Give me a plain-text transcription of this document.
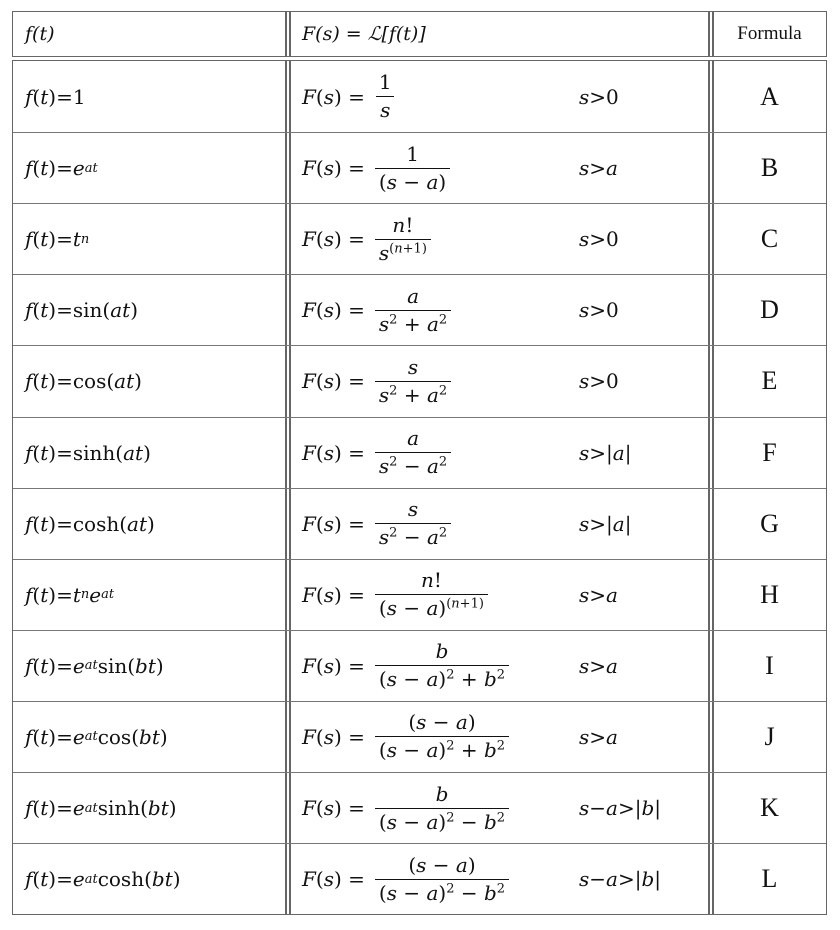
f(t)	F(s) = ℒ[f(t)]	Formula
f ( t ) = 1	$F(s) = \frac{1}{s}$	s > 0	A
f ( t ) = e at	$F(s) = \frac{1}{(s - a)}$	s > a	B
f ( t ) = t n	$F(s) = \frac{n!}{s^{(n+1)}}$	s > 0	C
f ( t ) = sin ( a t )	$F(s) = \frac{a}{s^2 + a^2}$	s > 0	D
f ( t ) = cos ( a t )	$F(s) = \frac{s}{s^2 + a^2}$	s > 0	E
f ( t ) = sinh ( a t )	$F(s) = \frac{a}{s^2 - a^2}$	s > | a |	F
f ( t ) = cosh ( a t )	$F(s) = \frac{s}{s^2 - a^2}$	s > | a |	G
f ( t ) = t n e at	$F(s) = \frac{n!}{(s - a)^{(n+1)}}$	s > a	H
f ( t ) = e at sin ( b t )	$F(s) = \frac{b}{(s - a)^2 + b^2}$	s > a	I
f ( t ) = e at cos ( b t )	$F(s) = \frac{(s - a)}{(s - a)^2 + b^2}$	s > a	J
f ( t ) = e at sinh ( b t )	$F(s) = \frac{b}{(s - a)^2 - b^2}$	s − a > | b |	K
f ( t ) = e at cosh ( b t )	$F(s) = \frac{(s - a)}{(s - a)^2 - b^2}$	s − a > | b |	L
